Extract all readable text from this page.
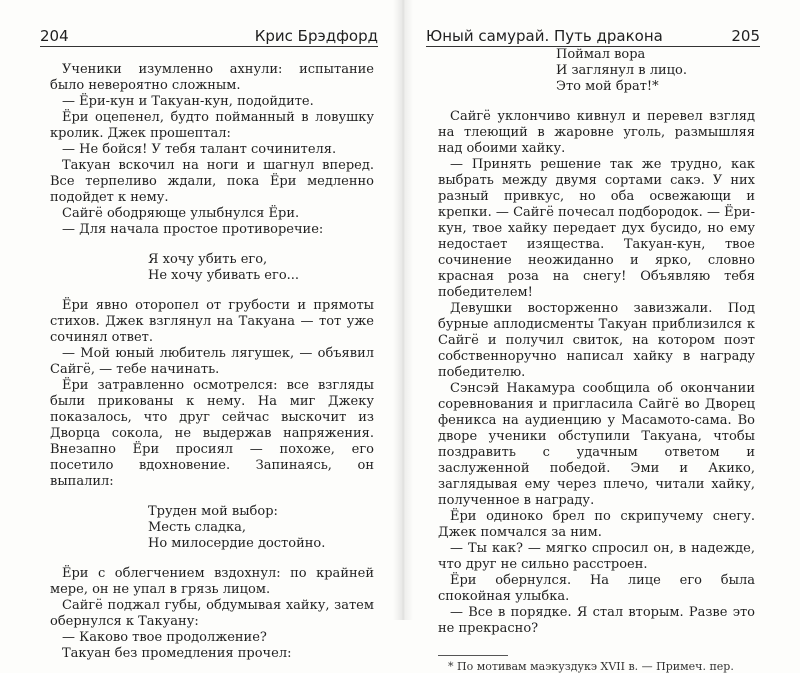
204	Крис Брэдфорд

Ученики изумленно ахнули: испытание было невероятно сложным.

— Ёри-кун и Такуан-кун, подойдите.

Ёри оцепенел, будто пойманный в ловушку кролик. Джек прошептал:

— Не бойся! У тебя талант сочинителя.

Такуан вскочил на ноги и шагнул вперед. Все терпеливо ждали, пока Ёри медленно подойдет к нему.

Сайгё ободряюще улыбнулся Ёри.

— Для начала простое противоречие:

Я хочу убить его,
Не хочу убивать его...

Ёри явно оторопел от грубости и прямоты стихов. Джек взглянул на Такуана — тот уже сочинял ответ.

— Мой юный любитель лягушек, — объявил Сайгё, — тебе начинать.

Ёри затравленно осмотрелся: все взгляды были прикованы к нему. На миг Джеку показалось, что друг сейчас выскочит из Дворца сокола, не выдержав напряжения. Внезапно Ёри просиял — похоже, его посетило вдохновение. Запинаясь, он выпалил:

Труден мой выбор:
Месть сладка,
Но милосердие достойно.

Ёри с облегчением вздохнул: по крайней мере, он не упал в грязь лицом.

Сайгё поджал губы, обдумывая хайку, затем обернулся к Такуану:

— Каково твое продолжение?

Такуан без промедления прочел:

Юный самурай. Путь дракона	205
Поймал вора
И заглянул в лицо.
Это мой брат!*

Сайгё уклончиво кивнул и перевел взгляд на тлеющий в жаровне уголь, размышляя над обоими хайку.

— Принять решение так же трудно, как выбрать между двумя сортами сакэ. У них разный привкус, но оба освежающи и крепки. — Сайгё почесал подбородок. — Ёри-кун, твое хайку передает дух бусидо, но ему недостает изящества. Такуан-кун, твое сочинение неожиданно и ярко, словно красная роза на снегу! Объявляю тебя победителем!

Девушки восторженно завизжали. Под бурные аплодисменты Такуан приблизился к Сайгё и получил свиток, на котором поэт собственноручно написал хайку в награду победителю.

Сэнсэй Накамура сообщила об окончании соревнования и пригласила Сайгё во Дворец феникса на аудиенцию у Масамото-сама. Во дворе ученики обступили Такуана, чтобы поздравить с удачным ответом и заслуженной победой. Эми и Акико, заглядывая ему через плечо, читали хайку, полученное в награду.

Ёри одиноко брел по скрипучему снегу. Джек помчался за ним.

— Ты как? — мягко спросил он, в надежде, что друг не сильно расстроен.

Ёри обернулся. На лице его была спокойная улыбка.

— Все в порядке. Я стал вторым. Разве это не прекрасно?

* По мотивам маэкуздукэ XVII в. — Примеч. пер.
